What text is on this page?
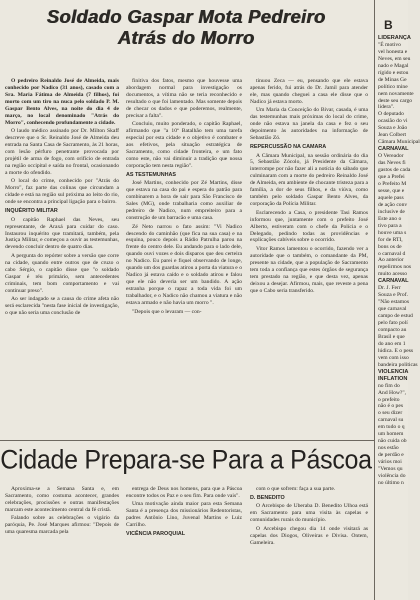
Soldado Gaspar Mota Pedreiro
Atrás do Morro

O pedreiro Reinaldo José de Almeida, mais conhecido por Nadico (31 anos), casado com a Sra. Maria Fátima de Almeida (7 filhos), foi morto com um tiro na nuca pelo soldado P. M. Gaspar Bento Alves, na noite do dia 4 de março, no local denominado "Atrás do Morro", conhecendo profundamente a cidade.

O laudo médico assinado por Dr. Milton Skaff descreve que o Sr. Reinaldo José de Almeida deu entrada na Santa Casa de Sacramento, às 21 horas, com lesão pérfuro penetrante provocada por projétil de arma de fogo, com orifício de entrada na região occipital e saída no frontal, ocasionando a morte do ofendido.

O local do crime, conhecido por "Atrás do Morro", faz parte das colinas que circundam a cidade e está na região sul próxima ao leito do rio, onde se encontra a principal ligação para o bairro.

INQUÉRITO MILITAR

O capitão Raphael das Neves, seu representante, de Araxá para cuidar do caso. Instaurou inquérito que tramitará, também, pela Justiça Militar, e começou a ouvir as testemunhas, devendo concluir dentro de quatro dias.

A pergunta do repórter sobre a versão que corre na cidade, quando entre outros que de cruzo o cabo Sérgio, o capitão disse que "o soldado Gaspar é réu primário, sem antecedentes criminais, tem bom comportamento e vai continuar preso".

Ao ser indagado se a causa do crime afeta não será esclarecida "nesta fase inicial de investigação, o que não seria uma conclusão de

finitiva dos fatos, mesmo que houvesse uma abordagem normal para investigação os documentos, a vítima não se teria reconhecido e resultado o que foi lamentado. Mas somente depois de checar os dados e que poderemos, realmente, precisar a falta".

Concluiu, muito ponderado, o capitão Raphael, afirmando que "a 10ª Batalhão tem uma tarefa especial por esta cidade e o objetivo é combater e aos efetivos, pela situação estratégica de Sacramento, como cidade fronteira, e um fato como este, não vai diminuir a tradição que nossa corporação tem nesta região".

AS TESTEMUNHAS

José Martins, conhecido por Zé Martins, disse que estava na casa do pai e espera do patrão para combinarem a hora de sair para São Francisco de Sales (MG), onde trabalharia como auxiliar de pedreiro de Nadico, num empreiteiro para a construção de um barracão e uma casa.

Zé Neto narrou o fato assim: "Vi Nadico descendo do caminhão (que fica na sua casa) e na esquina, pouco depois a Rádio Patrulha parou na frente do centro dele. Eu andando para o lado dele, quando ouvi vozes e dois disparos que deu certeira no Nadico. Eu parei e fiquei observando de longe, quando um dos guardas atirou a porta da viatura e o Nadico já estava caído e o soldado atirou e falou que ele não deveria ser um bandido. A ação estranha porque o rapaz a toda vida foi um trabalhador, e o Nadico não chamou a viatura e não estava armado e não havia um morro ".

"Depois que o levaram — con-

tinuou Zeca — eu, pensando que ele estava apenas ferido, fui atrás do Dr. Jamil para atender ele, mas quando cheguei a casa ele disse que o Nadico já estava morto.

Um Maria da Conceição do Bivar, casada, é uma das testemunhas mais próximas do local do crime, onde não estava na janela da casa e fez o seu depoimento às autoridades na informação de Sebastião Zó.

REPERCUSSÃO NA CAMARA

A Câmara Municipal, na sessão ordinária do dia 5, Sebastião Zócolo, já Presidente da Câmara, interrompe por não fazer ali a notícia do sábado que culminaram com a morte do pedreiro Reinaldo José de Almeida, em ambiente de chocante tristeza para a família, a dor de seus filhos, e da viúva, como também pelo soldado Gaspar Bento Alves, da corporação da Polícia Militar.

Esclarecendo a Casa, o presidente Tasi Ramos informou que, juntamente com o prefeito José Alberto, estiveram com o chefe da Polícia e o Delegado, pedindo todas as providências e explicações cabíveis sobre o ocorrido.

Vitor Ramos lamentou o ocorrido, fazendo ver a autoridade que o também, o comandante da PM, presente na cidade, que a população de Sacramento tem toda a confiança que estes órgãos de segurança tem prestado na região, e que desta vez, apenas deixou a desejar. Afirmou, mais, que reveste a pena que o Cabo seria transferido.

B
LIDERANÇA
"É motivo
vel honesta e
Neves, em seu
nado e Magal
rígido e estou
de Minas Ge
político mine
nem novamente
deste seu cargo
lidera".
O deputado
ocasião do vi
Souza e João
Jean Colbert
Câmara Municipal
CARNAVAL
O Vereador
das Neves fi
gastos de cada
que a Prefei
o Prefeito M
sesse, que e
aquele pass
de ação conv
inclusive de
Este ano o
tivo para a
houve uma s
for de RTI,
bons os de
o carnaval d
Ao anterior
repelirmos nos
muito acesso
CARNAVAL
Dr. J. Ferr
Souza e Prof.
"Não estamos
que carnaval
campo de estud
pelo fato polí
compacto au
Brasil e que
do ano em 1
lúdica. E o pess
vem com isso
bandeira políticas
VIOLENCIA
INFLATION
no fim do
And How?",
o prefeito
não é o pes
o seu dizer
carnaval su
em tudo o q
um homem
não cuida ob
nos estão
de perdão e
vários moi
"Vemos qu
violência do
no último n
Cidade Prepara-se Para a Páscoa

Aproxima-se a Semana Santa e, em Sacramento, como costuma acontecer, grandes celebrações, procissões e outras manifestações marcam este acontecimento central da fé cristã.

Falando sobre as celebrações o vigário da paróquia, Pe. José Marques afirmou: "Depois de uma quaresma marcada pela

entrega de Deus nos homens, para que a Páscoa encontre todos os Paz e o seu fim. Para onde vais".

Uma motivação ainda maior para esta Semana Santa é a presença dos missionários Redentoristas, padres Antônio Lino, Juvenal Martins e Luiz Carrilho.

VICÊNCIA PAROQUIAL

com o que sofrem: faça a sua parte.

D. BENEDITO

O Arcebispo de Uberaba D. Benedito Ulhoa está em Sacramento para uma visita às capelas e comunidades rurais do município.

O Arcebispo chegou dia 14 onde visitará as capelas dos Diogos, Oliveiras e Divisa. Ontem, Gameleira.
